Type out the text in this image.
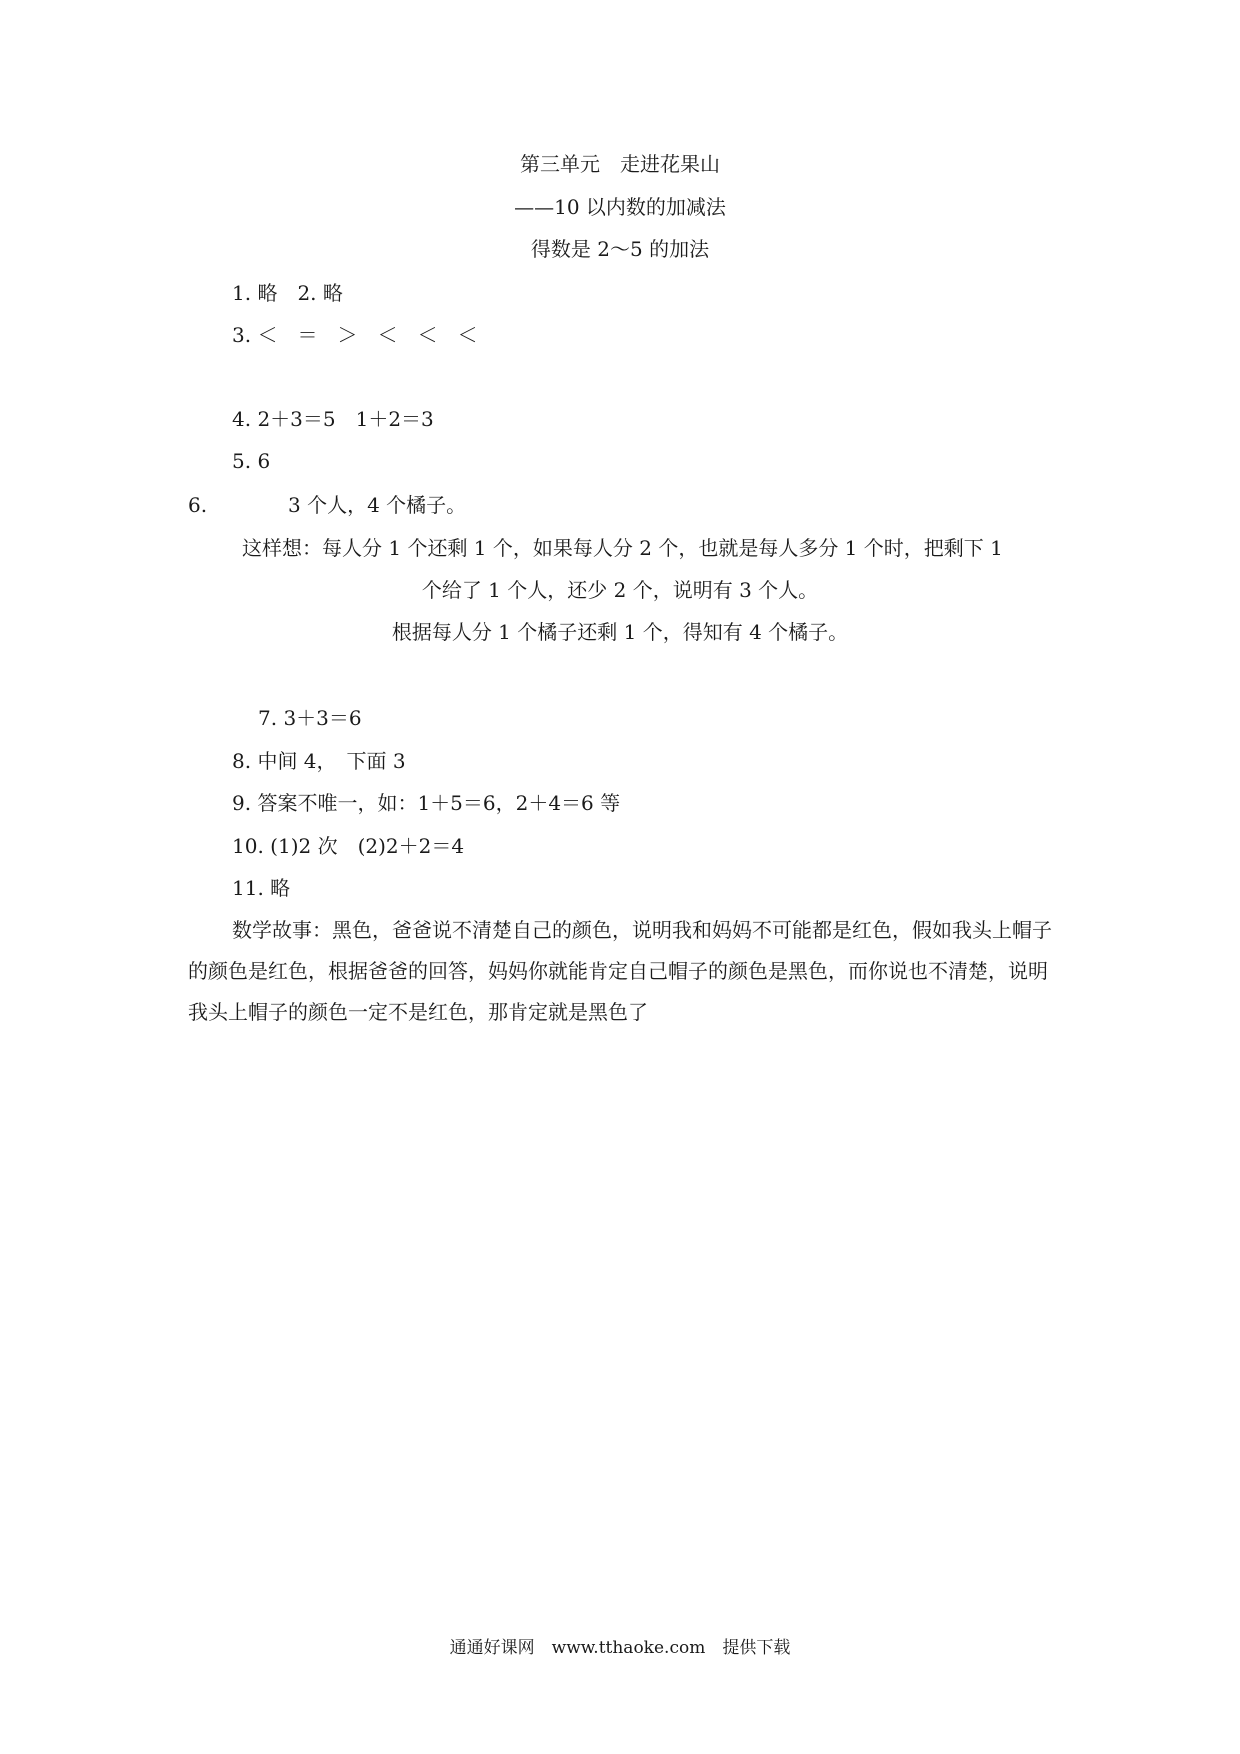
第三单元　走进花果山
——10 以内数的加减法
得数是 2～5 的加法
1. 略　2. 略
3. ＜　＝　＞　＜　＜　＜
4. 2＋3＝5　1＋2＝3
5. 6
6.	3 个人，4 个橘子。
这样想：每人分 1 个还剩 1 个，如果每人分 2 个，也就是每人多分 1 个时，把剩下 1
个给了 1 个人，还少 2 个，说明有 3 个人。
根据每人分 1 个橘子还剩 1 个，得知有 4 个橘子。
7. 3＋3＝6
8. 中间 4，　下面 3
9. 答案不唯一，如：1＋5＝6，2＋4＝6 等
10. (1)2 次　(2)2＋2＝4
11. 略
数学故事：黑色，爸爸说不清楚自己的颜色，说明我和妈妈不可能都是红色，假如我头上帽子的颜色是红色，根据爸爸的回答，妈妈你就能肯定自己帽子的颜色是黑色，而你说也不清楚，说明我头上帽子的颜色一定不是红色，那肯定就是黑色了
通通好课网　www.tthaoke.com　提供下载
